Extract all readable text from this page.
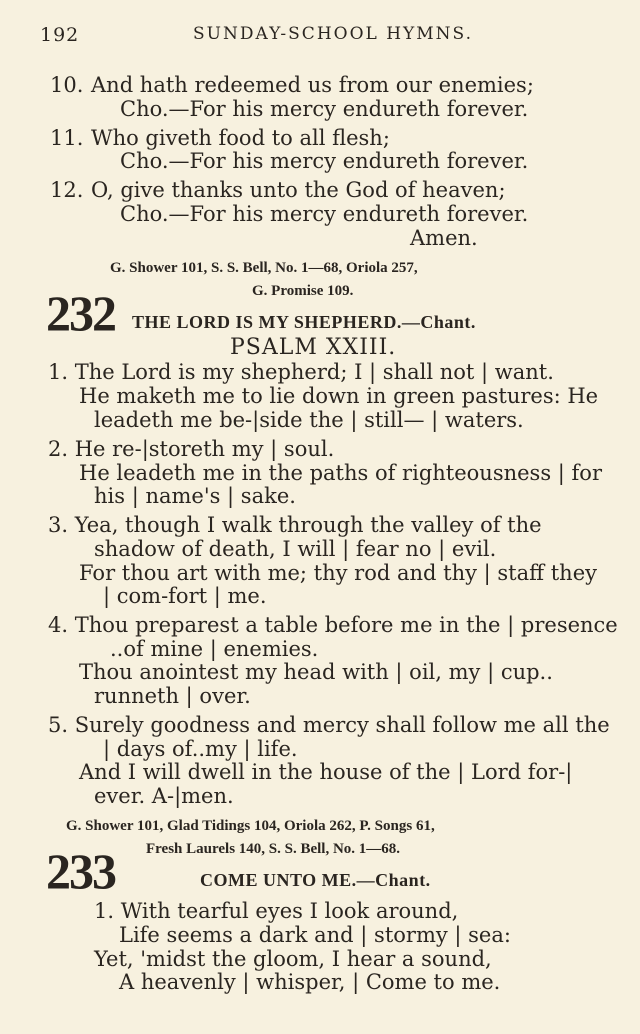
192	SUNDAY-SCHOOL HYMNS.
10. And hath redeemed us from our enemies;
Cho.—For his mercy endureth forever.
11. Who giveth food to all flesh;
Cho.—For his mercy endureth forever.
12. O, give thanks unto the God of heaven;
Cho.—For his mercy endureth forever.
Amen.
G. Shower 101, S. S. Bell, No. 1—68, Oriola 257,
G. Promise 109.
232 THE LORD IS MY SHEPHERD.—Chant.
PSALM XXIII.
1. The Lord is my shepherd; I | shall not | want.
He maketh me to lie down in green pastures: He
leadeth me be-|side the | still— | waters.
2. He re-|storeth my | soul.
He leadeth me in the paths of righteousness | for
his | name's | sake.
3. Yea, though I walk through the valley of the
shadow of death, I will | fear no | evil.
For thou art with me; thy rod and thy | staff they
| com-fort | me.
4. Thou preparest a table before me in the | presence
..of mine | enemies.
Thou anointest my head with | oil, my | cup..
runneth | over.
5. Surely goodness and mercy shall follow me all the
| days of..my | life.
And I will dwell in the house of the | Lord for-|
ever. A-|men.
G. Shower 101, Glad Tidings 104, Oriola 262, P. Songs 61,
Fresh Laurels 140, S. S. Bell, No. 1—68.
233	COME UNTO ME.—Chant.
1. With tearful eyes I look around,
Life seems a dark and | stormy | sea:
Yet, 'midst the gloom, I hear a sound,
A heavenly | whisper, | Come to me.
